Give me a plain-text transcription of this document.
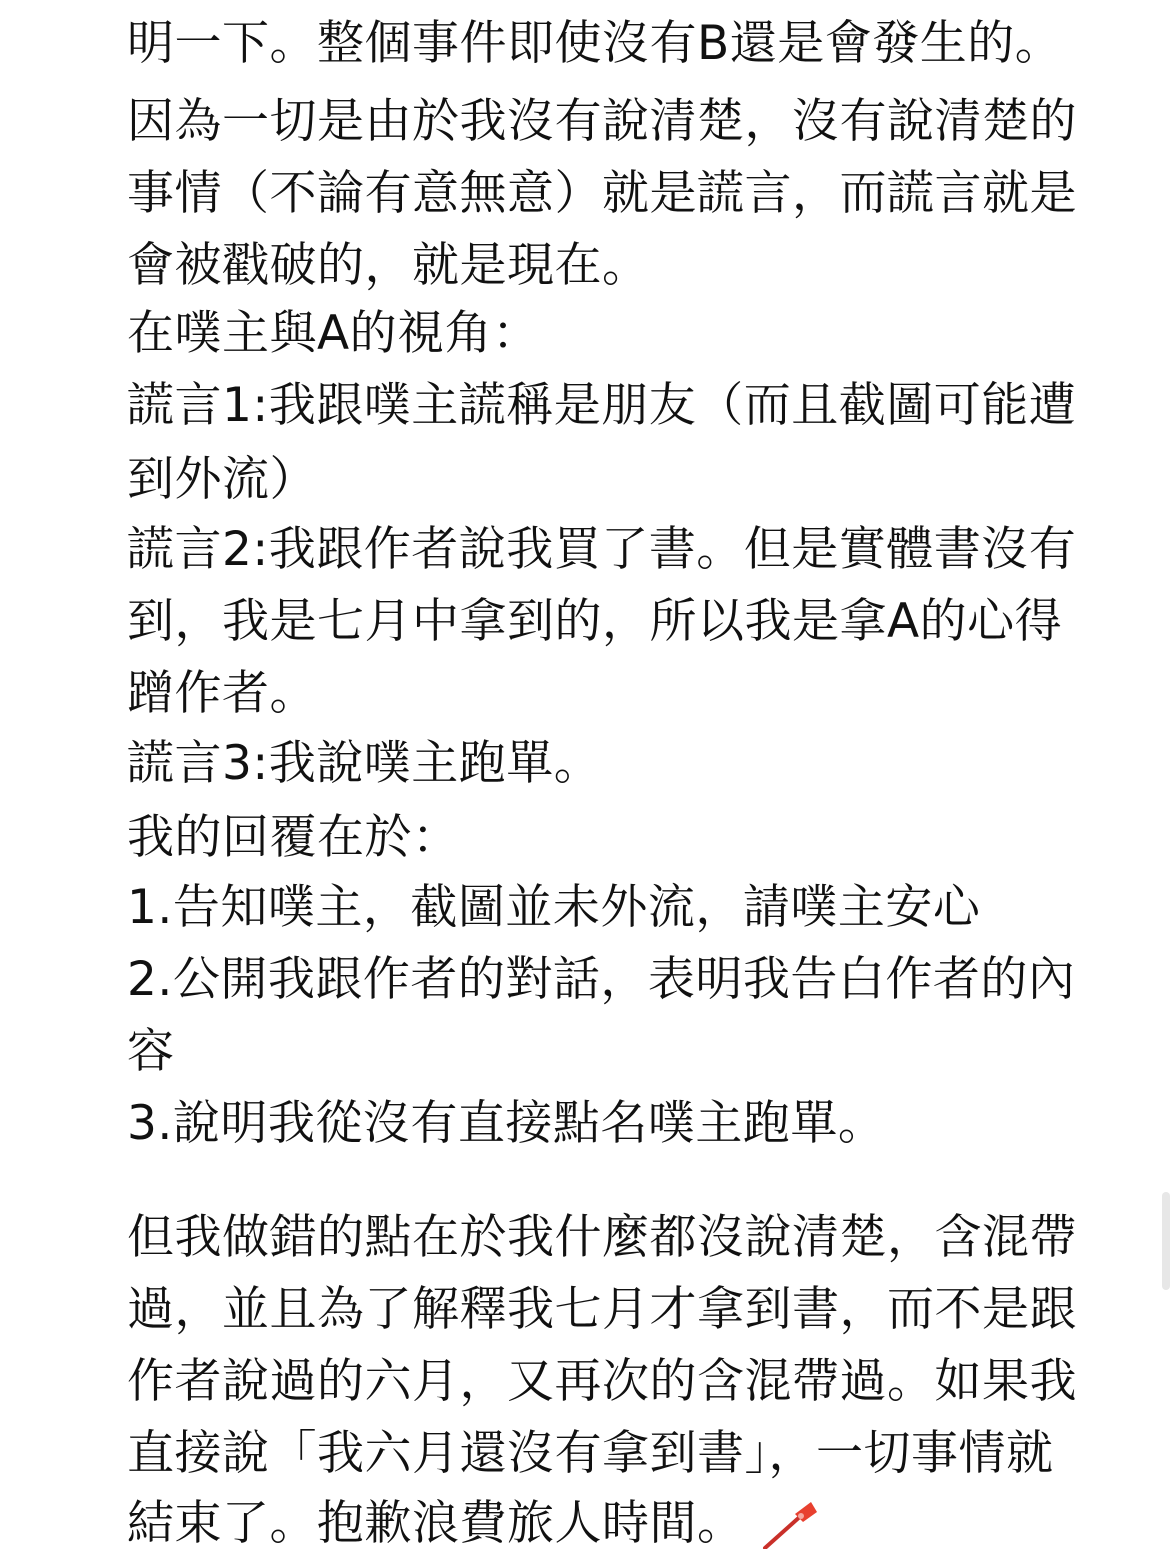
明一下。整個事件即使沒有B還是會發生的。
因為一切是由於我沒有說清楚，沒有說清楚的
事情（不論有意無意）就是謊言，而謊言就是
會被戳破的，就是現在。
在噗主與A的視角：
謊言1:我跟噗主謊稱是朋友（而且截圖可能遭
到外流）
謊言2:我跟作者說我買了書。但是實體書沒有
到，我是七月中拿到的，所以我是拿A的心得
蹭作者。
謊言3:我說噗主跑單。
我的回覆在於：
1.告知噗主，截圖並未外流，請噗主安心
2.公開我跟作者的對話，表明我告白作者的內
容
3.說明我從沒有直接點名噗主跑單。
但我做錯的點在於我什麼都沒說清楚，含混帶
過，並且為了解釋我七月才拿到書，而不是跟
作者說過的六月，又再次的含混帶過。如果我
直接說「我六月還沒有拿到書」，一切事情就
結束了。抱歉浪費旅人時間。
